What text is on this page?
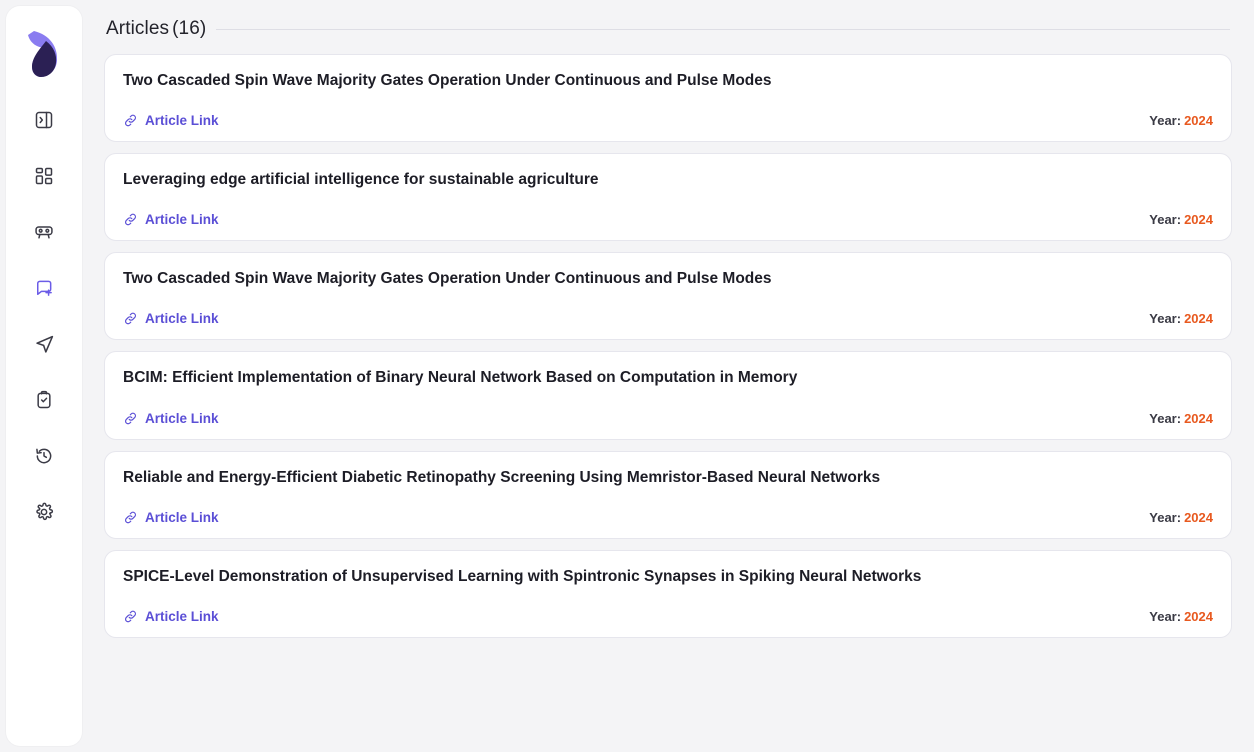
Articles (16)
Two Cascaded Spin Wave Majority Gates Operation Under Continuous and Pulse Modes
Article Link	Year: 2024
Leveraging edge artificial intelligence for sustainable agriculture
Article Link	Year: 2024
Two Cascaded Spin Wave Majority Gates Operation Under Continuous and Pulse Modes
Article Link	Year: 2024
BCIM: Efficient Implementation of Binary Neural Network Based on Computation in Memory
Article Link	Year: 2024
Reliable and Energy-Efficient Diabetic Retinopathy Screening Using Memristor-Based Neural Networks
Article Link	Year: 2024
SPICE-Level Demonstration of Unsupervised Learning with Spintronic Synapses in Spiking Neural Networks
Article Link	Year: 2024
